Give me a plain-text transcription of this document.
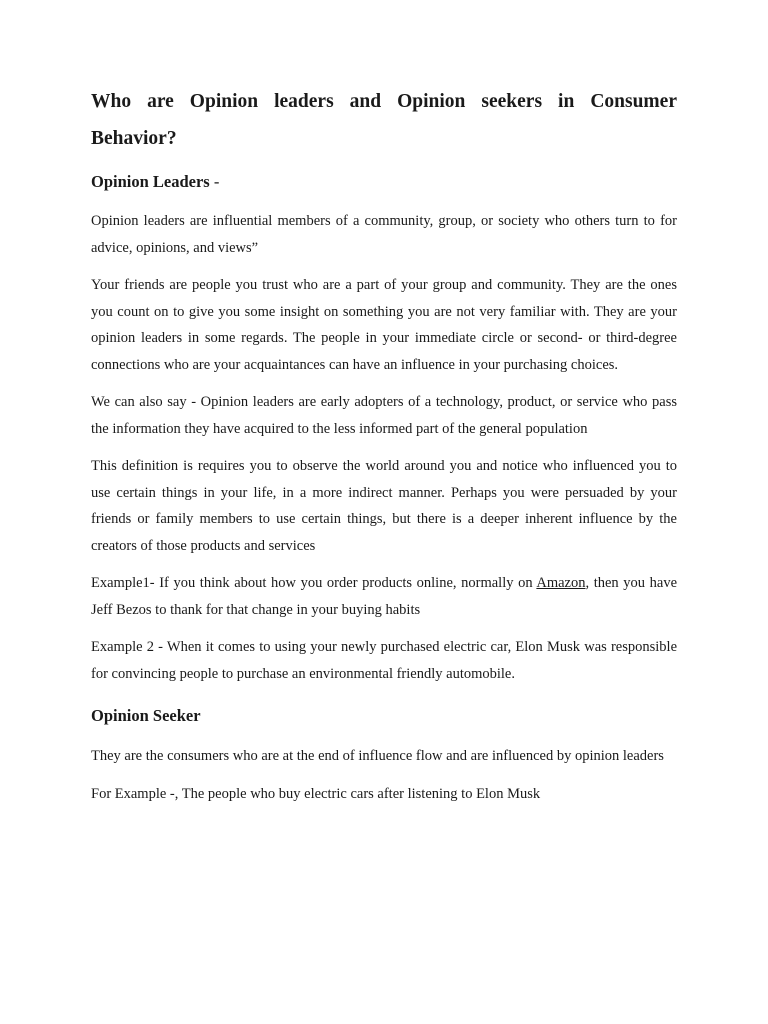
Who are Opinion leaders and Opinion seekers in Consumer Behavior?
Opinion Leaders -

Opinion leaders are influential members of a community, group, or society who others turn to for advice, opinions, and views”

Your friends are people you trust who are a part of your group and community. They are the ones you count on to give you some insight on something you are not very familiar with. They are your opinion leaders in some regards. The people in your immediate circle or second- or third-degree connections who are your acquaintances can have an influence in your purchasing choices.

We can also say - Opinion leaders are early adopters of a technology, product, or service who pass the information they have acquired to the less informed part of the general population

This definition is requires you to observe the world around you and notice who influenced you to use certain things in your life, in a more indirect manner. Perhaps you were persuaded by your friends or family members to use certain things, but there is a deeper inherent influence by the creators of those products and services

Example1- If you think about how you order products online, normally on Amazon, then you have Jeff Bezos to thank for that change in your buying habits

Example 2 - When it comes to using your newly purchased electric car, Elon Musk was responsible for convincing people to purchase an environmental friendly automobile.

Opinion Seeker

They are the consumers who are at the end of influence flow and are influenced by opinion leaders

For Example -, The people who buy electric cars after listening to Elon Musk
